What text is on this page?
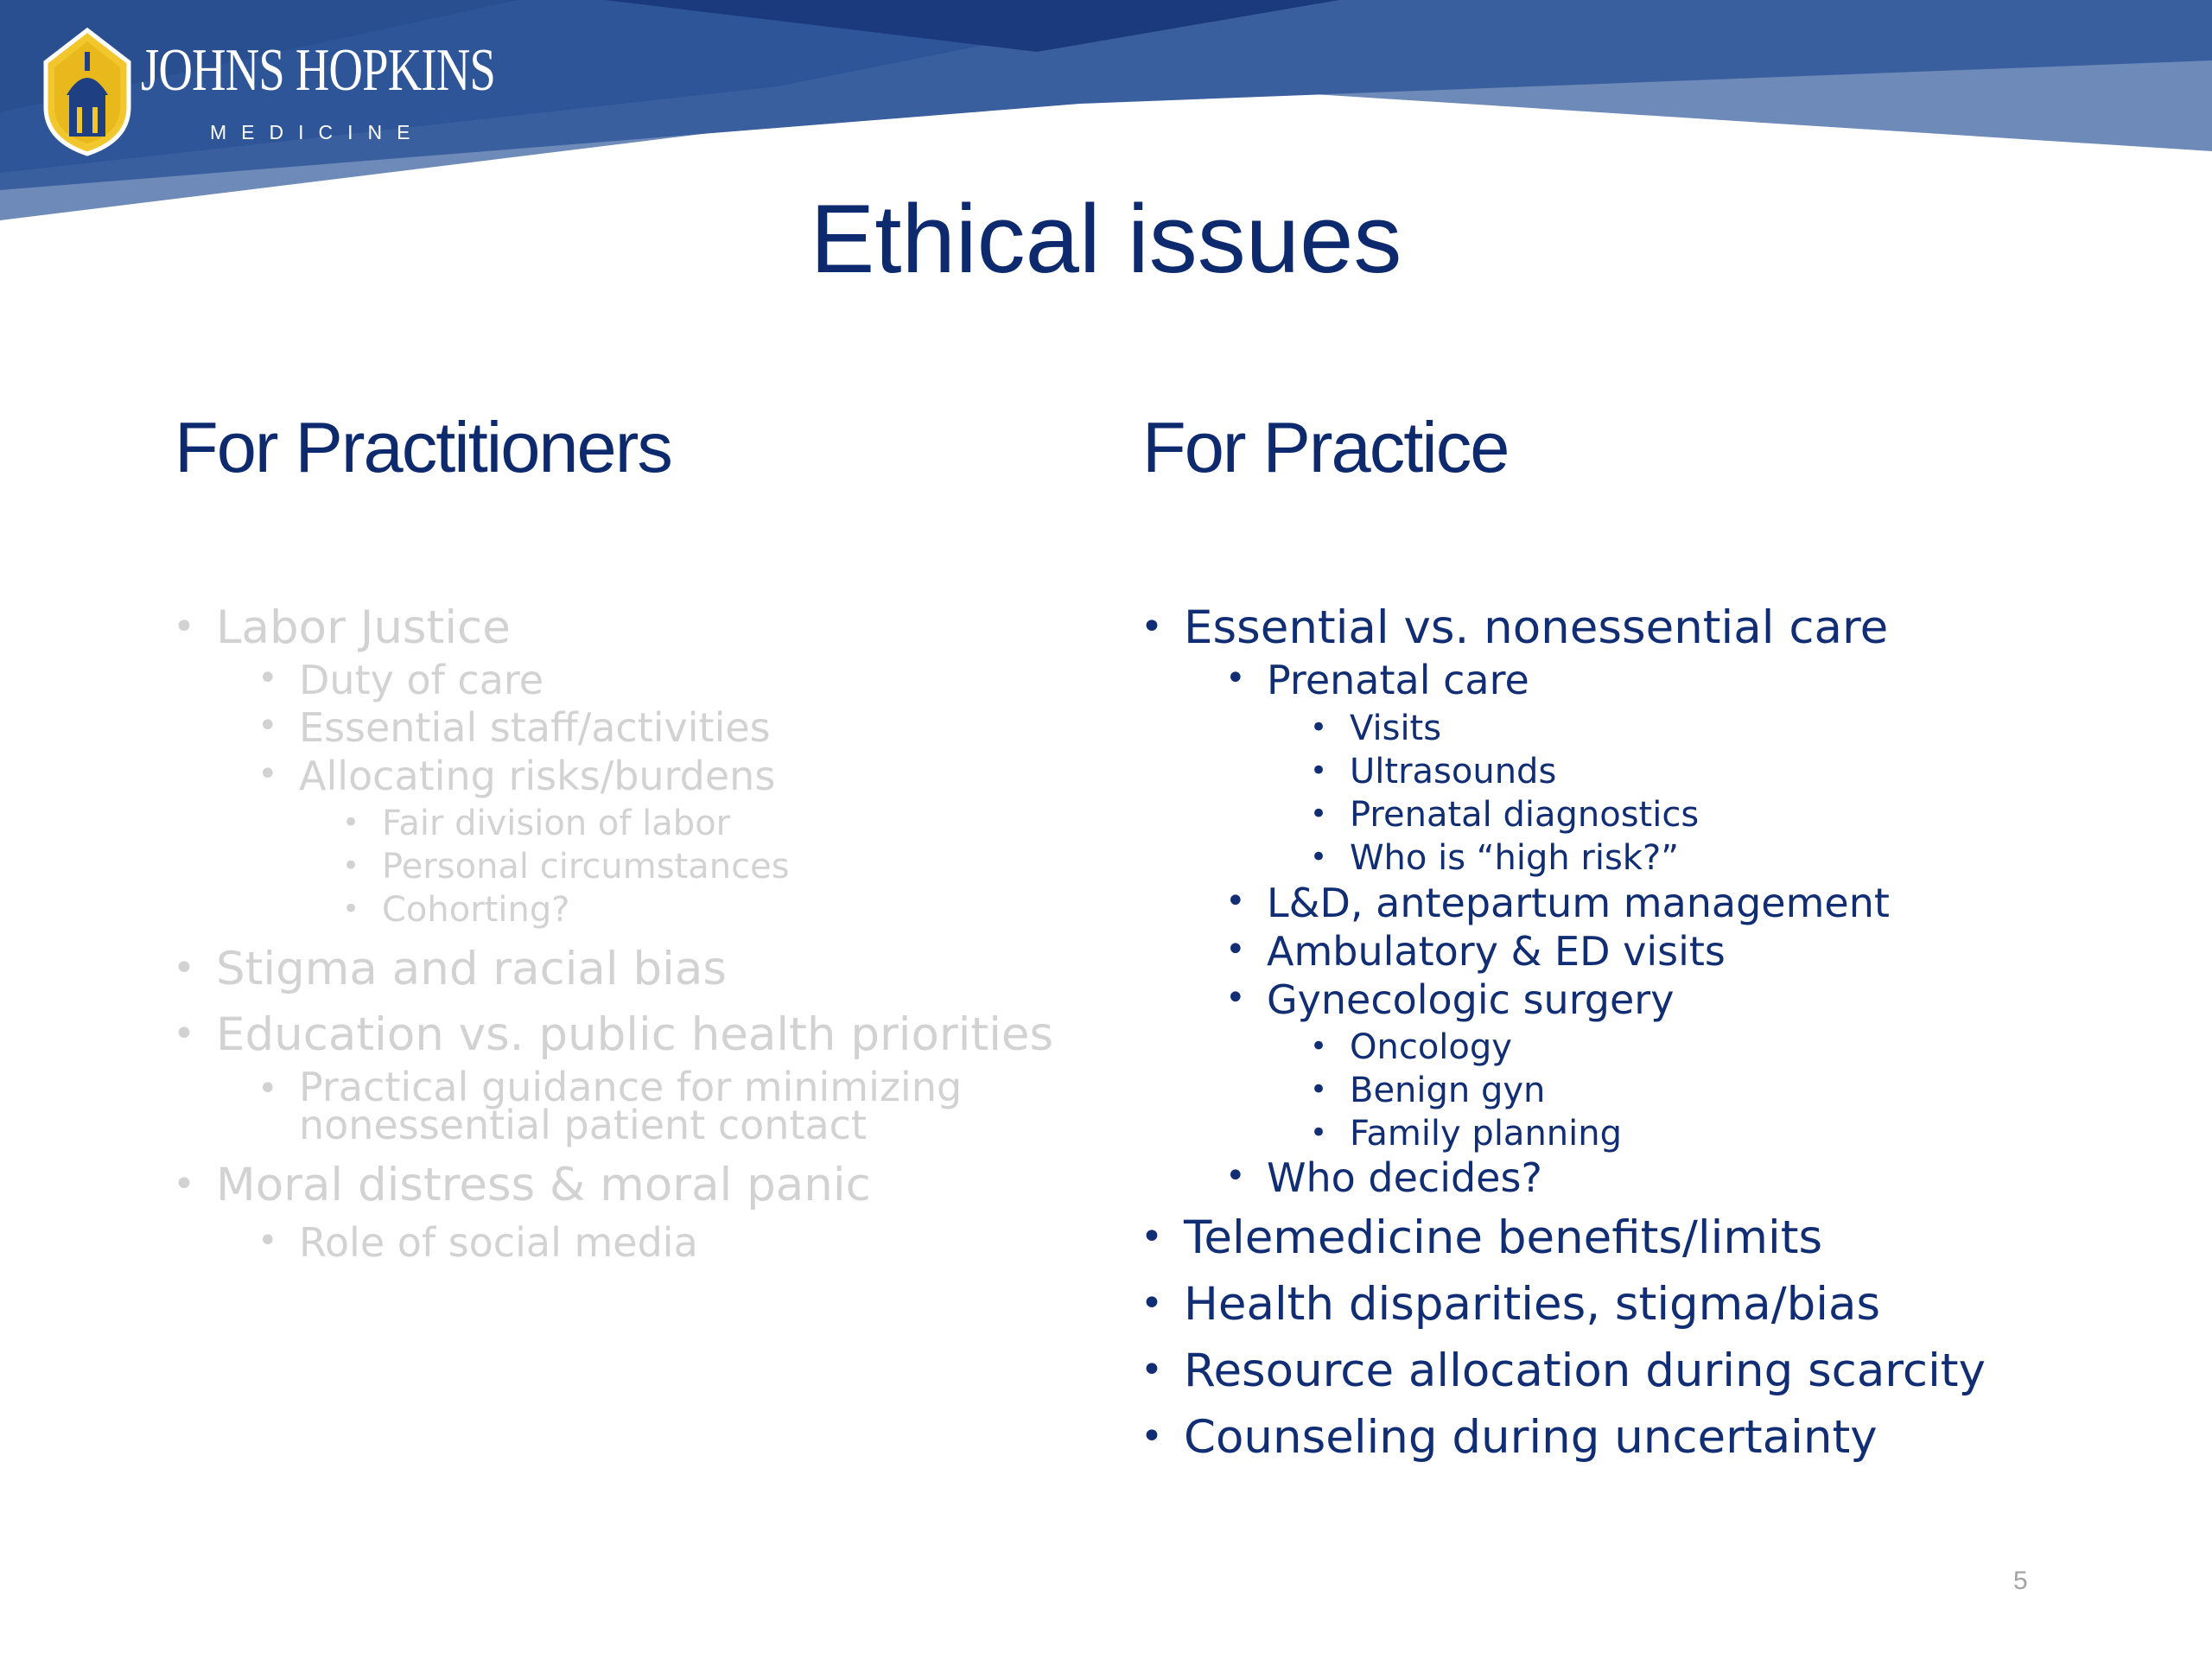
JOHNS HOPKINS
MEDICINE
Ethical issues
For Practitioners	For Practice
• Labor Justice
• Duty of care
• Essential staff/activities
• Allocating risks/burdens
• Fair division of labor
• Personal circumstances
• Cohorting?
• Stigma and racial bias
• Education vs. public health priorities
• Practical guidance for minimizing nonessential patient contact
• Moral distress & moral panic
• Role of social media
• Essential vs. nonessential care
• Prenatal care
• Visits
• Ultrasounds
• Prenatal diagnostics
• Who is “high risk?”
• L&D, antepartum management
• Ambulatory & ED visits
• Gynecologic surgery
• Oncology
• Benign gyn
• Family planning
• Who decides?
• Telemedicine benefits/limits
• Health disparities, stigma/bias
• Resource allocation during scarcity
• Counseling during uncertainty
5
